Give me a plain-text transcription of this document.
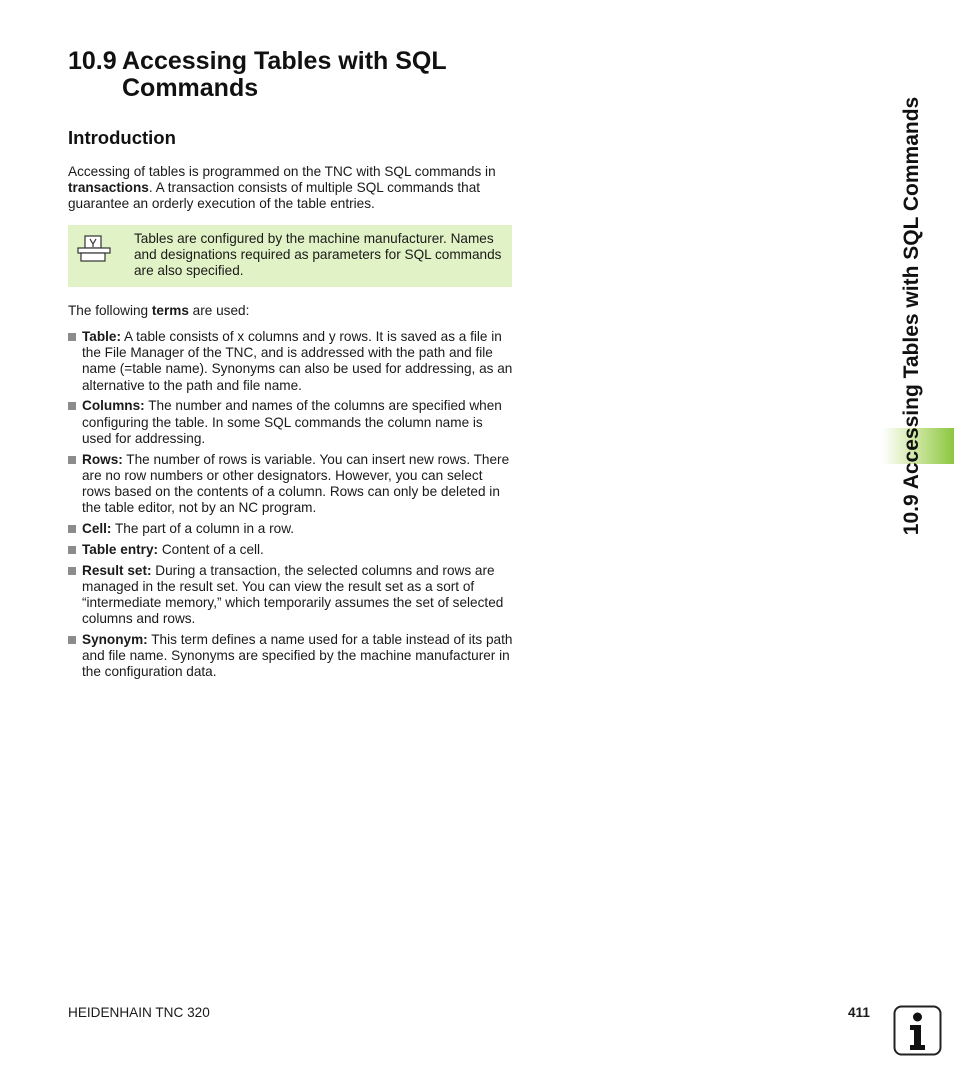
10.9 Accessing Tables with SQL
Commands
Introduction

Accessing of tables is programmed on the TNC with SQL commands in transactions. A transaction consists of multiple SQL commands that guarantee an orderly execution of the table entries.

Tables are configured by the machine manufacturer. Names and designations required as parameters for SQL commands are also specified.

The following terms are used:

Table: A table consists of x columns and y rows. It is saved as a file in the File Manager of the TNC, and is addressed with the path and file name (=table name). Synonyms can also be used for addressing, as an alternative to the path and file name.
Columns: The number and names of the columns are specified when configuring the table. In some SQL commands the column name is used for addressing.
Rows: The number of rows is variable. You can insert new rows. There are no row numbers or other designators. However, you can select rows based on the contents of a column. Rows can only be deleted in the table editor, not by an NC program.
Cell: The part of a column in a row.
Table entry: Content of a cell.
Result set: During a transaction, the selected columns and rows are managed in the result set. You can view the result set as a sort of “intermediate memory,” which temporarily assumes the set of selected columns and rows.
Synonym: This term defines a name used for a table instead of its path and file name. Synonyms are specified by the machine manufacturer in the configuration data.
10.9 Accessing Tables with SQL Commands
HEIDENHAIN TNC 320	411
